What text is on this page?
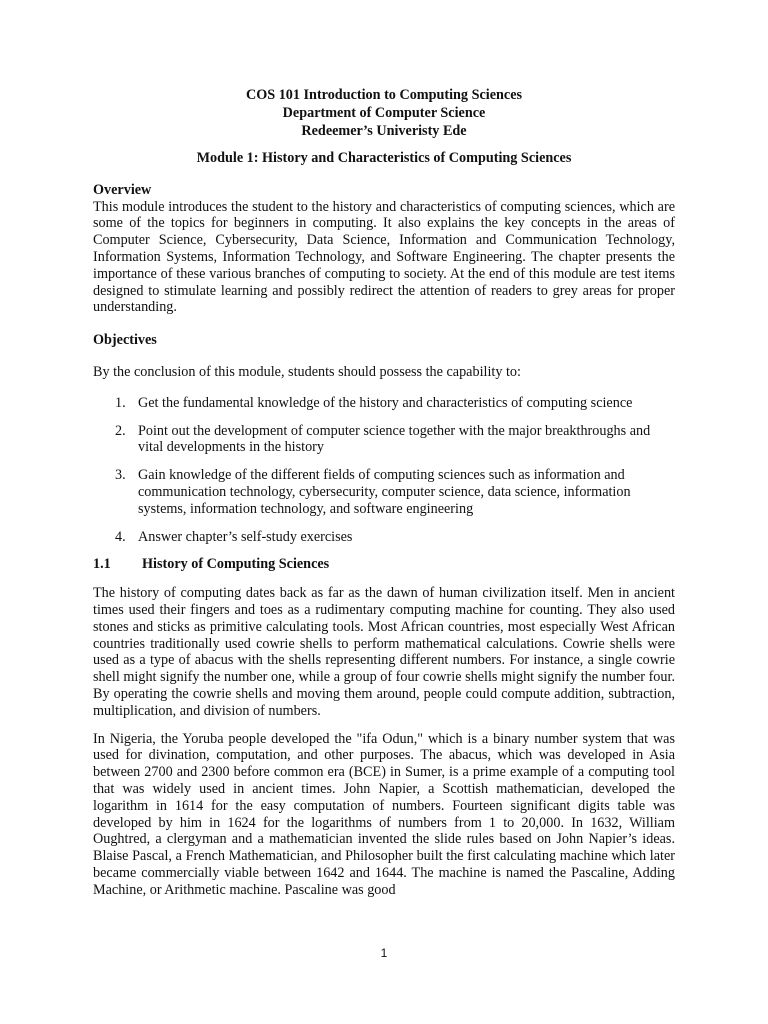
COS 101 Introduction to Computing Sciences
Department of Computer Science
Redeemer’s Univeristy Ede
Module 1: History and Characteristics of Computing Sciences
Overview
This module introduces the student to the history and characteristics of computing sciences, which are some of the topics for beginners in computing. It also explains the key concepts in the areas of Computer Science, Cybersecurity, Data Science, Information and Communication Technology, Information Systems, Information Technology, and Software Engineering. The chapter presents the importance of these various branches of computing to society. At the end of this module are test items designed to stimulate learning and possibly redirect the attention of readers to grey areas for proper understanding.
Objectives
By the conclusion of this module, students should possess the capability to:
1. Get the fundamental knowledge of the history and characteristics of computing science
2. Point out the development of computer science together with the major breakthroughs and vital developments in the history
3. Gain knowledge of the different fields of computing sciences such as information and communication technology, cybersecurity, computer science, data science, information systems, information technology, and software engineering
4. Answer chapter’s self-study exercises
1.1	History of Computing Sciences
The history of computing dates back as far as the dawn of human civilization itself. Men in ancient times used their fingers and toes as a rudimentary computing machine for counting. They also used stones and sticks as primitive calculating tools. Most African countries, most especially West African countries traditionally used cowrie shells to perform mathematical calculations. Cowrie shells were used as a type of abacus with the shells representing different numbers. For instance, a single cowrie shell might signify the number one, while a group of four cowrie shells might signify the number four. By operating the cowrie shells and moving them around, people could compute addition, subtraction, multiplication, and division of numbers.
In Nigeria, the Yoruba people developed the "ifa Odun," which is a binary number system that was used for divination, computation, and other purposes. The abacus, which was developed in Asia between 2700 and 2300 before common era (BCE) in Sumer, is a prime example of a computing tool that was widely used in ancient times. John Napier, a Scottish mathematician, developed the logarithm in 1614 for the easy computation of numbers. Fourteen significant digits table was developed by him in 1624 for the logarithms of numbers from 1 to 20,000. In 1632, William Oughtred, a clergyman and a mathematician invented the slide rules based on John Napier’s ideas. Blaise Pascal, a French Mathematician, and Philosopher built the first calculating machine which later became commercially viable between 1642 and 1644. The machine is named the Pascaline, Adding Machine, or Arithmetic machine. Pascaline was good
1
